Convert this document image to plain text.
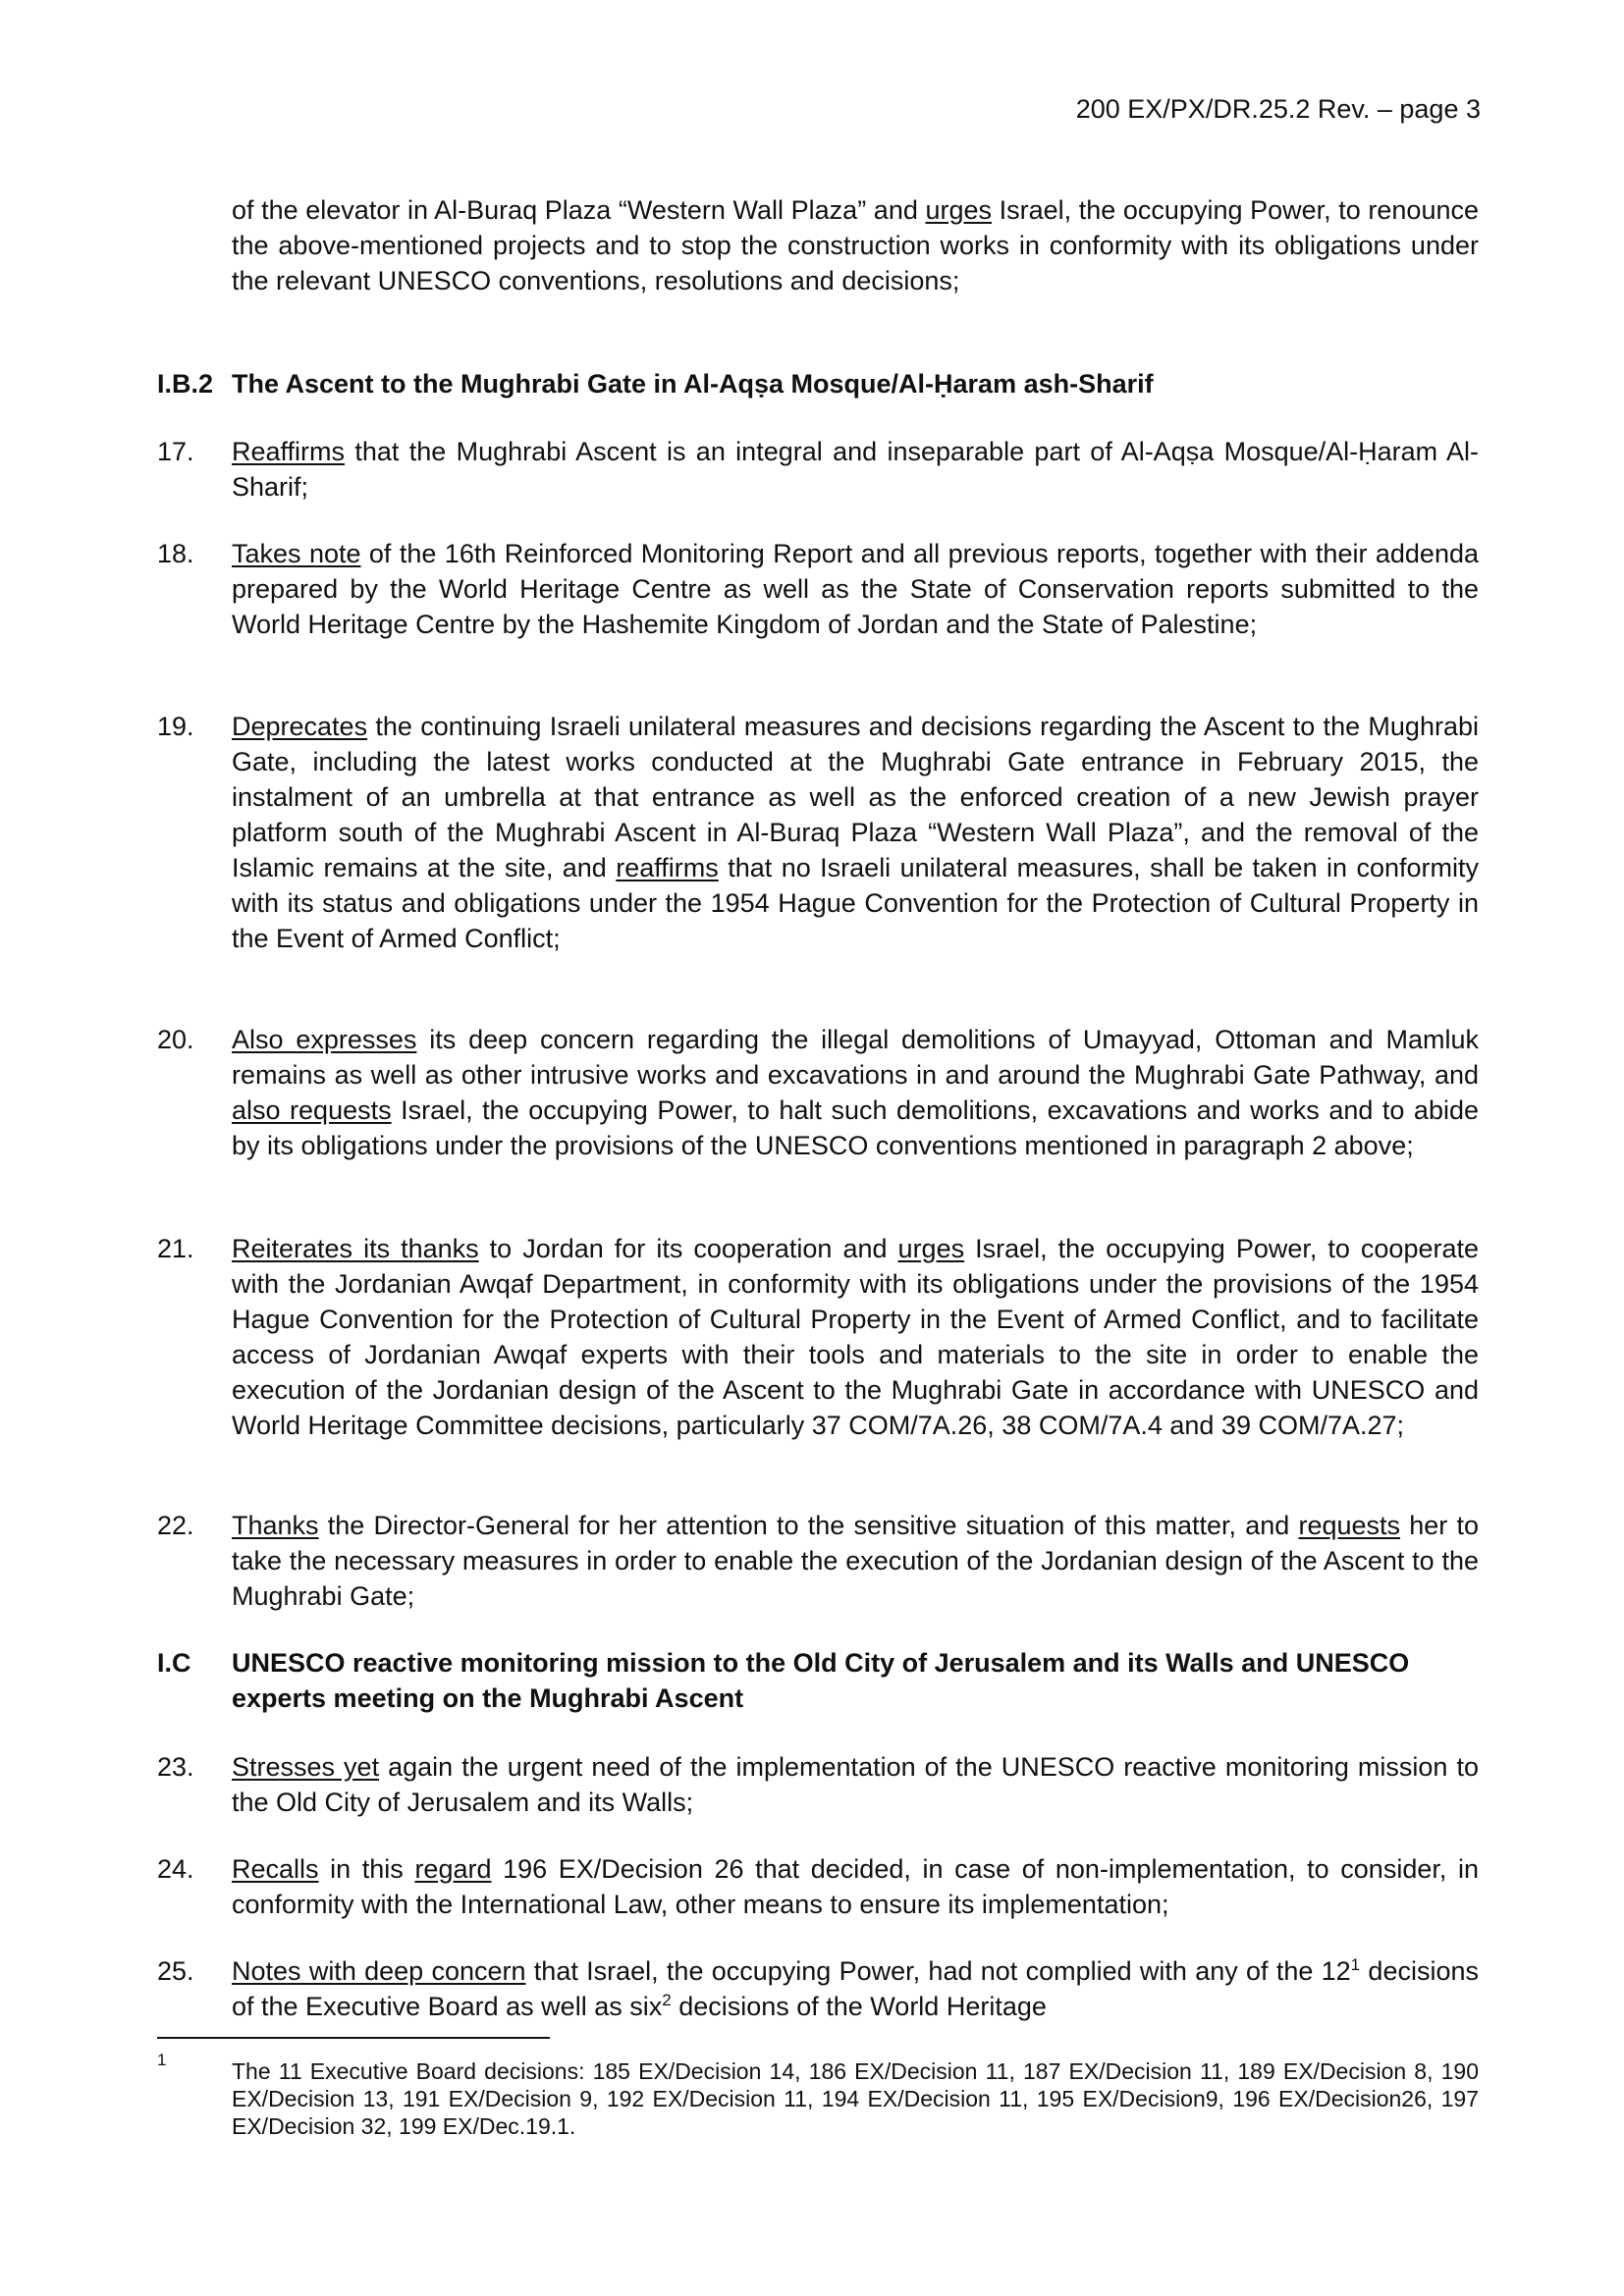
200 EX/PX/DR.25.2 Rev. – page 3
of the elevator in Al-Buraq Plaza “Western Wall Plaza” and urges Israel, the occupying Power, to renounce the above-mentioned projects and to stop the construction works in conformity with its obligations under the relevant UNESCO conventions, resolutions and decisions;
I.B.2 The Ascent to the Mughrabi Gate in Al-Aqṣa Mosque/Al-Ḥaram ash-Sharif
17. Reaffirms that the Mughrabi Ascent is an integral and inseparable part of Al-Aqṣa Mosque/Al-Ḥaram Al-Sharif;
18. Takes note of the 16th Reinforced Monitoring Report and all previous reports, together with their addenda prepared by the World Heritage Centre as well as the State of Conservation reports submitted to the World Heritage Centre by the Hashemite Kingdom of Jordan and the State of Palestine;
19. Deprecates the continuing Israeli unilateral measures and decisions regarding the Ascent to the Mughrabi Gate, including the latest works conducted at the Mughrabi Gate entrance in February 2015, the instalment of an umbrella at that entrance as well as the enforced creation of a new Jewish prayer platform south of the Mughrabi Ascent in Al-Buraq Plaza “Western Wall Plaza”, and the removal of the Islamic remains at the site, and reaffirms that no Israeli unilateral measures, shall be taken in conformity with its status and obligations under the 1954 Hague Convention for the Protection of Cultural Property in the Event of Armed Conflict;
20. Also expresses its deep concern regarding the illegal demolitions of Umayyad, Ottoman and Mamluk remains as well as other intrusive works and excavations in and around the Mughrabi Gate Pathway, and also requests Israel, the occupying Power, to halt such demolitions, excavations and works and to abide by its obligations under the provisions of the UNESCO conventions mentioned in paragraph 2 above;
21. Reiterates its thanks to Jordan for its cooperation and urges Israel, the occupying Power, to cooperate with the Jordanian Awqaf Department, in conformity with its obligations under the provisions of the 1954 Hague Convention for the Protection of Cultural Property in the Event of Armed Conflict, and to facilitate access of Jordanian Awqaf experts with their tools and materials to the site in order to enable the execution of the Jordanian design of the Ascent to the Mughrabi Gate in accordance with UNESCO and World Heritage Committee decisions, particularly 37 COM/7A.26, 38 COM/7A.4 and 39 COM/7A.27;
22. Thanks the Director-General for her attention to the sensitive situation of this matter, and requests her to take the necessary measures in order to enable the execution of the Jordanian design of the Ascent to the Mughrabi Gate;
I.C UNESCO reactive monitoring mission to the Old City of Jerusalem and its Walls and UNESCO experts meeting on the Mughrabi Ascent
23. Stresses yet again the urgent need of the implementation of the UNESCO reactive monitoring mission to the Old City of Jerusalem and its Walls;
24. Recalls in this regard 196 EX/Decision 26 that decided, in case of non-implementation, to consider, in conformity with the International Law, other means to ensure its implementation;
25. Notes with deep concern that Israel, the occupying Power, had not complied with any of the $12^1$ decisions of the Executive Board as well as six$^2$ decisions of the World Heritage
1	The 11 Executive Board decisions: 185 EX/Decision 14, 186 EX/Decision 11, 187 EX/Decision 11, 189 EX/Decision 8, 190 EX/Decision 13, 191 EX/Decision 9, 192 EX/Decision 11, 194 EX/Decision 11, 195 EX/Decision9, 196 EX/Decision26, 197 EX/Decision 32, 199 EX/Dec.19.1.
